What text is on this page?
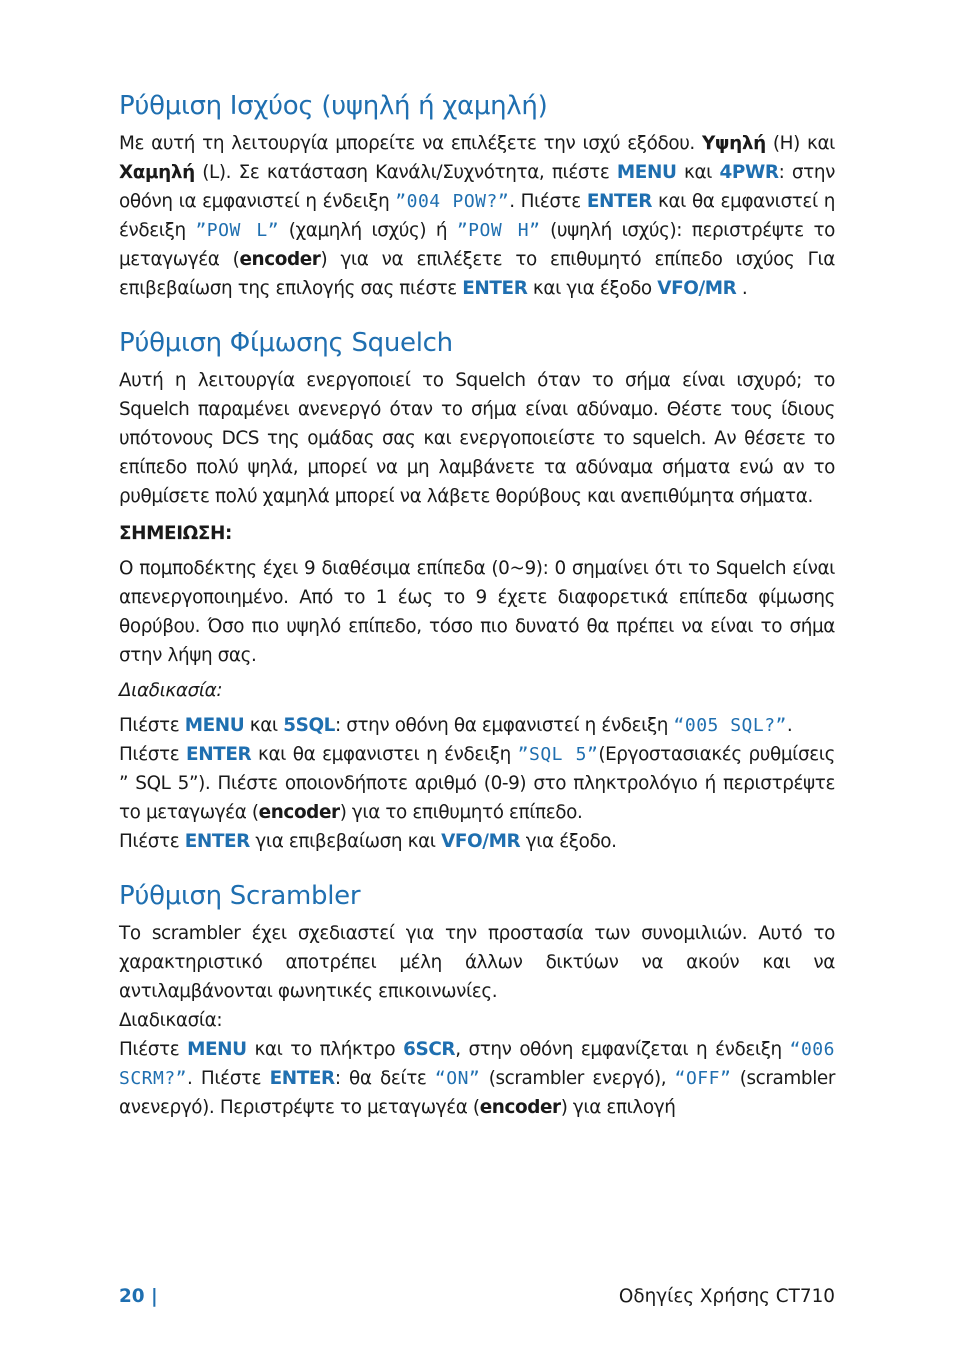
Ρύθμιση Ισχύος (υψηλή ή χαμηλή)

Με αυτή τη λειτουργία μπορείτε να επιλέξετε την ισχύ εξόδου. Υψηλή (H) και Χαμηλή (L). Σε κατάσταση Κανάλι/Συχνότητα, πιέστε MENU και 4PWR: στην οθόνη ια εμφανιστεί η ένδειξη ”004 POW?”. Πιέστε ENTER και θα εμφανιστεί η ένδειξη ”POW L” (χαμηλή ισχύς) ή ”POW H” (υψηλή ισχύς): περιστρέψτε το μεταγωγέα (encoder) για να επιλέξετε το επιθυμητό επίπεδο ισχύος Για επιβεβαίωση της επιλογής σας πιέστε ENTER και για έξοδο VFO/MR .

Ρύθμιση Φίμωσης Squelch

Αυτή η λειτουργία ενεργοποιεί το Squelch όταν το σήμα είναι ισχυρό; το Squelch παραμένει ανενεργό όταν το σήμα είναι αδύναμο. Θέστε τους ίδιους υπότονους DCS της ομάδας σας και ενεργοποιείστε το squelch. Αν θέσετε το επίπεδο πολύ ψηλά, μπορεί να μη λαμβάνετε τα αδύναμα σήματα ενώ αν το ρυθμίσετε πολύ χαμηλά μπορεί να λάβετε θορύβους και ανεπιθύμητα σήματα.

ΣΗΜΕΙΩΣΗ:

Ο πομποδέκτης έχει 9 διαθέσιμα επίπεδα (0~9): 0 σημαίνει ότι το Squelch είναι απενεργοποιημένο. Από το 1 έως το 9 έχετε διαφορετικά επίπεδα φίμωσης θορύβου. Όσο πιο υψηλό επίπεδο, τόσο πιο δυνατό θα πρέπει να είναι το σήμα στην λήψη σας.

Διαδικασία:

Πιέστε MENU και 5SQL: στην οθόνη θα εμφανιστεί η ένδειξη “005 SQL?”.

Πιέστε ENTER και θα εμφανιστει η ένδειξη ”SQL 5”(Εργοστασιακές ρυθμίσεις ” SQL 5”). Πιέστε οποιονδήποτε αριθμό (0-9) στο πληκτρολόγιο ή περιστρέψτε το μεταγωγέα (encoder) για το επιθυμητό επίπεδο.

Πιέστε ENTER για επιβεβαίωση και VFO/MR για έξοδο.

Ρύθμιση Scrambler

Το scrambler έχει σχεδιαστεί για την προστασία των συνομιλιών. Αυτό το χαρακτηριστικό αποτρέπει μέλη άλλων δικτύων να ακούν και να αντιλαμβάνονται φωνητικές επικοινωνίες.

Διαδικασία:

Πιέστε MENU και το πλήκτρο 6SCR, στην οθόνη εμφανίζεται η ένδειξη “006 SCRM?”. Πιέστε ENTER: θα δείτε “ON” (scrambler ενεργό), “OFF” (scrambler ανενεργό). Περιστρέψτε το μεταγωγέα (encoder) για επιλογή

20 |	Οδηγίες Χρήσης CT710
